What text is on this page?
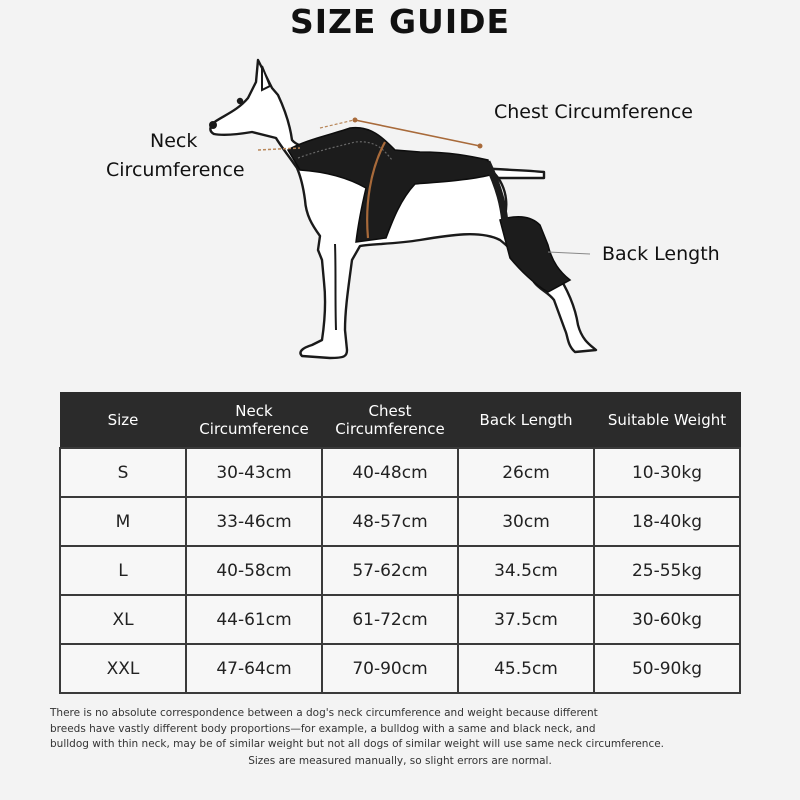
SIZE GUIDE
Chest Circumference
Neck
Circumference
Back Length
Size	Neck Circumference	Chest Circumference	Back Length	Suitable Weight
S	30-43cm	40-48cm	26cm	10-30kg
M	33-46cm	48-57cm	30cm	18-40kg
L	40-58cm	57-62cm	34.5cm	25-55kg
XL	44-61cm	61-72cm	37.5cm	30-60kg
XXL	47-64cm	70-90cm	45.5cm	50-90kg

There is no absolute correspondence between a dog's neck circumference and weight because different

breeds have vastly different body proportions—for example, a bulldog with a same and black neck, and

bulldog with thin neck, may be of similar weight but not all dogs of similar weight will use same neck circumference.

Sizes are measured manually, so slight errors are normal.
